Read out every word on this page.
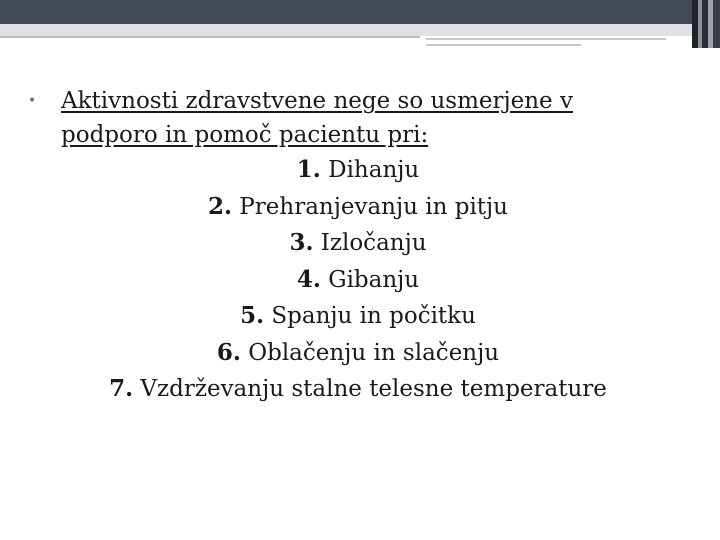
• Aktivnosti zdravstvene nege so usmerjene v
podporo in pomoč pacientu pri:
1. Dihanju
2. Prehranjevanju in pitju
3. Izločanju
4. Gibanju
5. Spanju in počitku
6. Oblačenju in slačenju
7. Vzdrževanju stalne telesne temperature
